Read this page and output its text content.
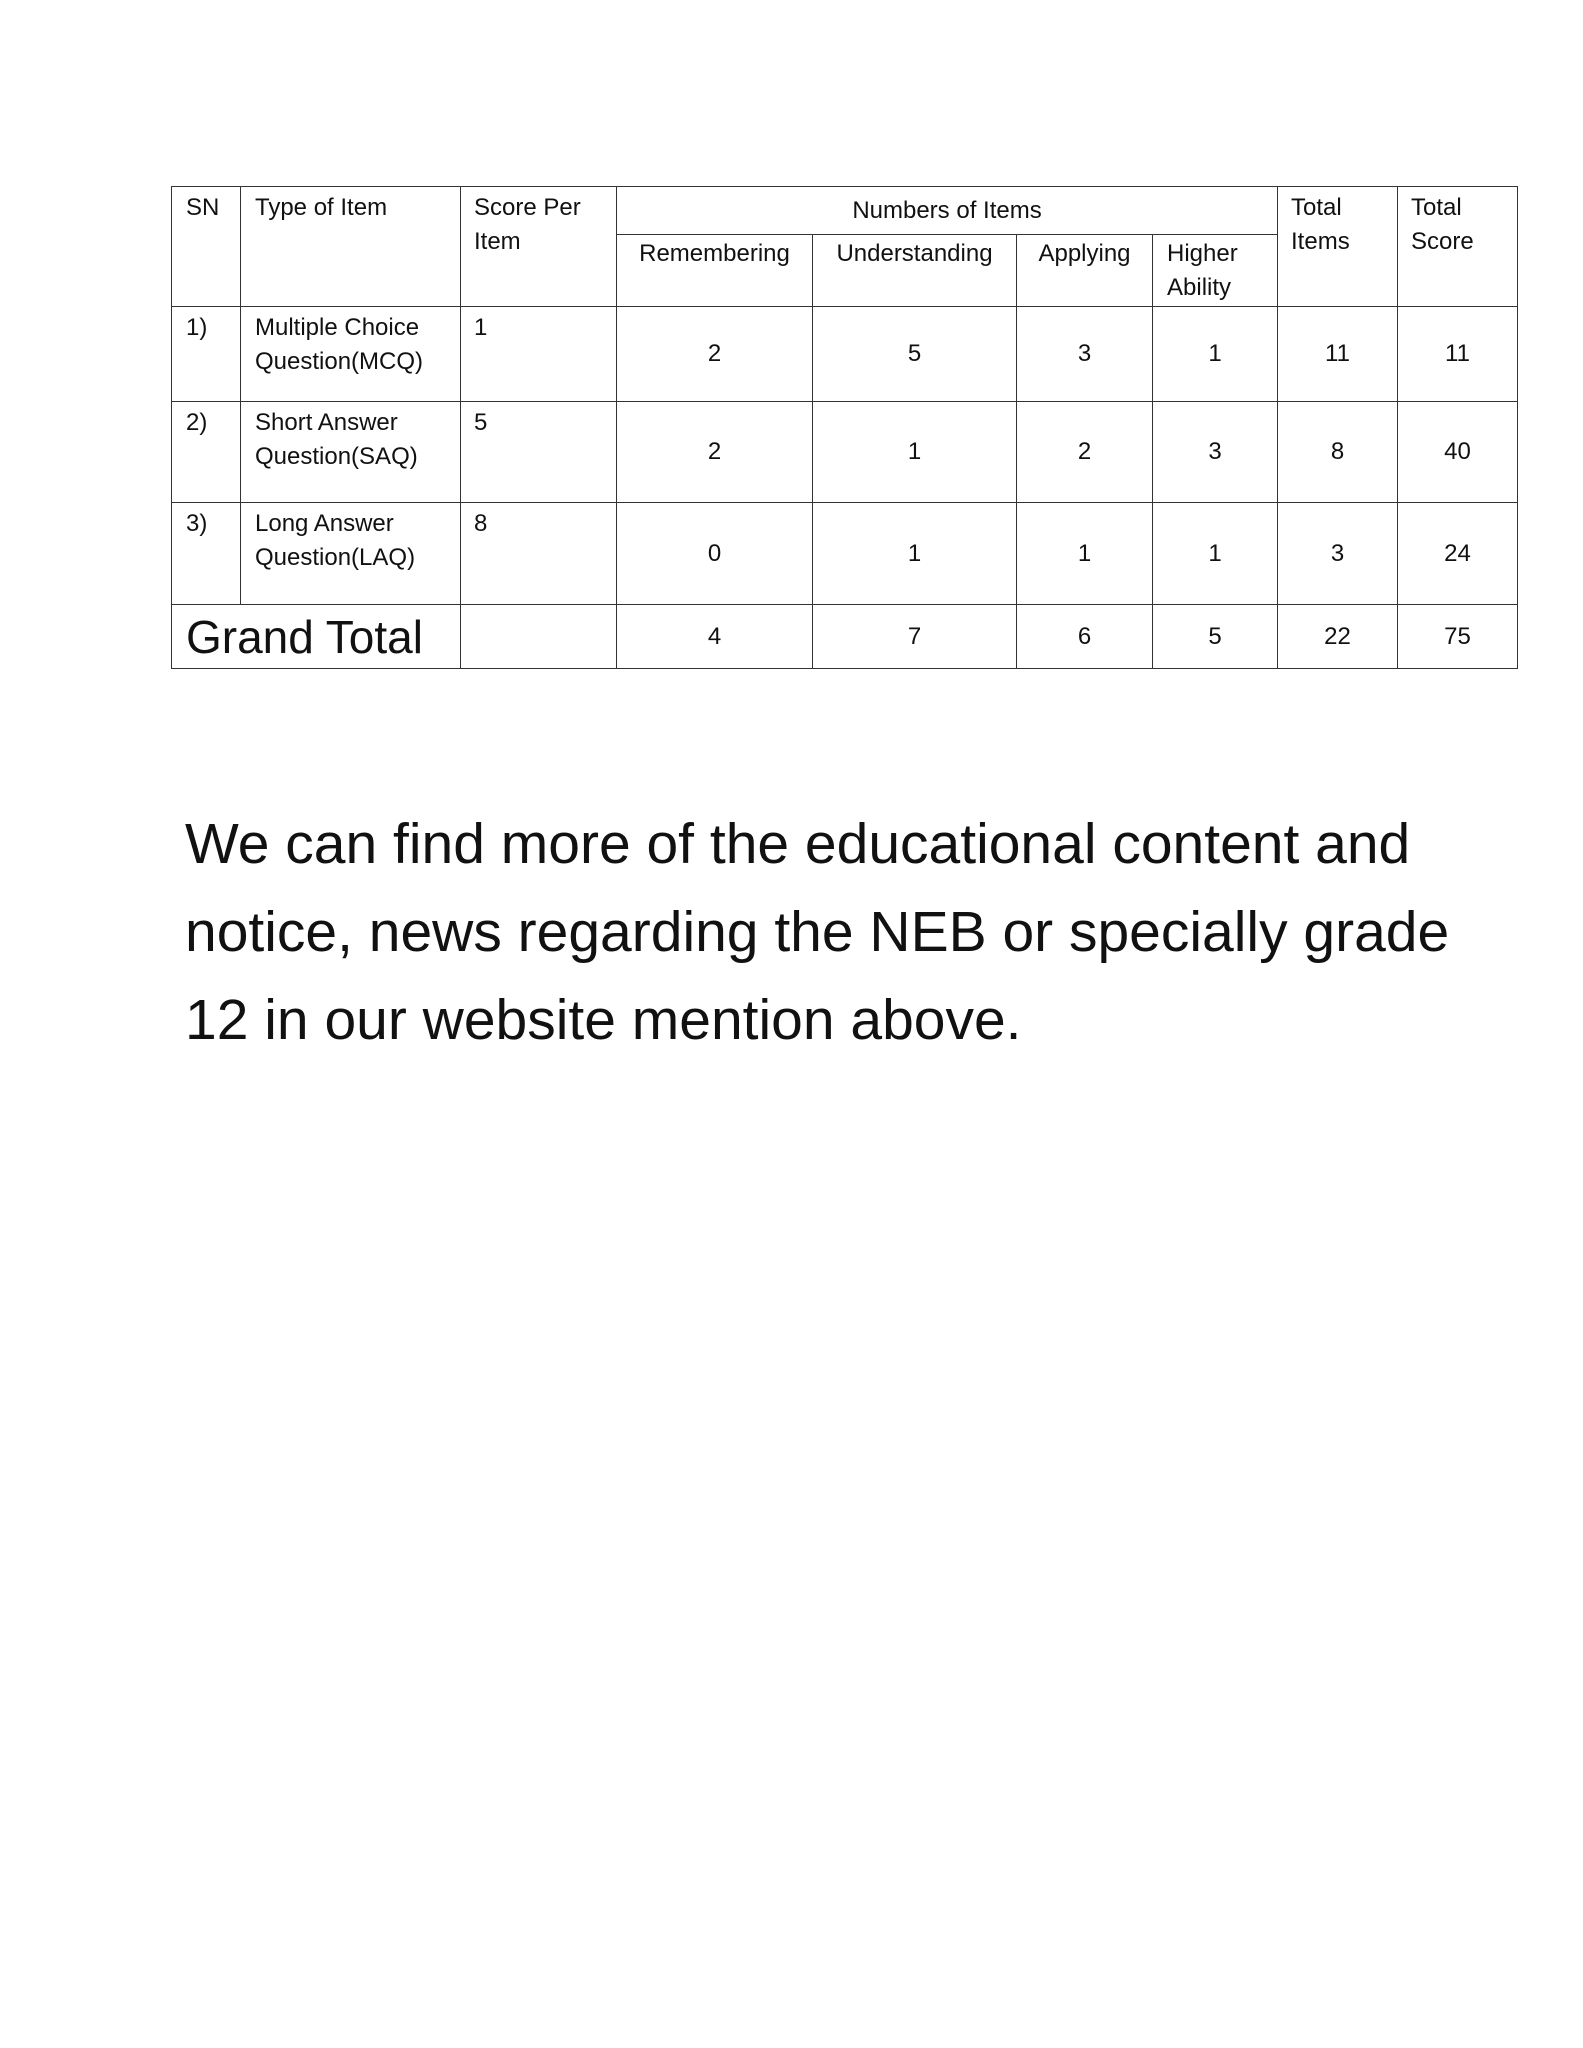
SN	Type of Item	Score Per Item	Numbers of Items				Total Items	Total Score
			Remembering	Understanding	Applying	Higher Ability		
1)	Multiple Choice Question(MCQ)	1	2	5	3	1	11	11
2)	Short Answer Question(SAQ)	5	2	1	2	3	8	40
3)	Long Answer Question(LAQ)	8	0	1	1	1	3	24
Grand Total			4	7	6	5	22	75

We can find more of the educational content and notice, news regarding the NEB or specially grade 12 in our website mention above.
